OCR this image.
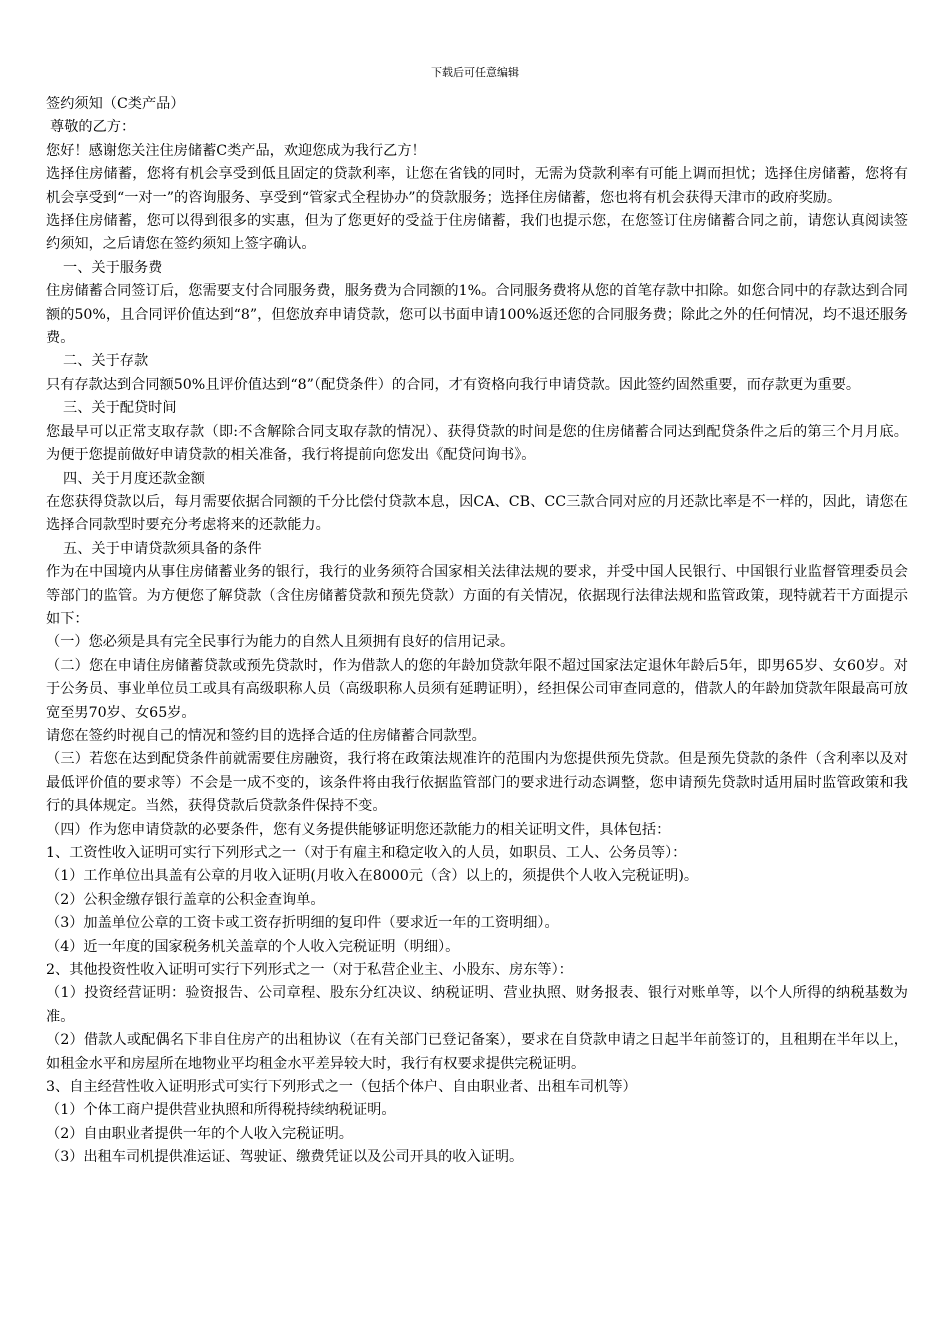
下载后可任意编辑

签约须知（C类产品）

尊敬的乙方：

您好！感谢您关注住房储蓄C类产品，欢迎您成为我行乙方！

选择住房储蓄，您将有机会享受到低且固定的贷款利率，让您在省钱的同时，无需为贷款利率有可能上调而担忧；选择住房储蓄，您将有机会享受到“一对一”的咨询服务、享受到“管家式全程协办”的贷款服务；选择住房储蓄，您也将有机会获得天津市的政府奖励。

选择住房储蓄，您可以得到很多的实惠，但为了您更好的受益于住房储蓄，我们也提示您，在您签订住房储蓄合同之前，请您认真阅读签约须知，之后请您在签约须知上签字确认。

一、关于服务费

住房储蓄合同签订后，您需要支付合同服务费，服务费为合同额的1%。合同服务费将从您的首笔存款中扣除。如您合同中的存款达到合同额的50%，且合同评价值达到“8”，但您放弃申请贷款，您可以书面申请100%返还您的合同服务费；除此之外的任何情况，均不退还服务费。

二、关于存款

只有存款达到合同额50%且评价值达到“8”（配贷条件）的合同，才有资格向我行申请贷款。因此签约固然重要，而存款更为重要。

三、关于配贷时间

您最早可以正常支取存款（即:不含解除合同支取存款的情况）、获得贷款的时间是您的住房储蓄合同达到配贷条件之后的第三个月月底。为便于您提前做好申请贷款的相关准备，我行将提前向您发出《配贷问询书》。

四、关于月度还款金额

在您获得贷款以后，每月需要依据合同额的千分比偿付贷款本息，因CA、CB、CC三款合同对应的月还款比率是不一样的，因此，请您在选择合同款型时要充分考虑将来的还款能力。

五、关于申请贷款须具备的条件

作为在中国境内从事住房储蓄业务的银行，我行的业务须符合国家相关法律法规的要求，并受中国人民银行、中国银行业监督管理委员会等部门的监管。为方便您了解贷款（含住房储蓄贷款和预先贷款）方面的有关情况，依据现行法律法规和监管政策，现特就若干方面提示如下：

（一）您必须是具有完全民事行为能力的自然人且须拥有良好的信用记录。

（二）您在申请住房储蓄贷款或预先贷款时，作为借款人的您的年龄加贷款年限不超过国家法定退休年龄后5年，即男65岁、女60岁。对于公务员、事业单位员工或具有高级职称人员（高级职称人员须有延聘证明），经担保公司审查同意的，借款人的年龄加贷款年限最高可放宽至男70岁、女65岁。

请您在签约时视自己的情况和签约目的选择合适的住房储蓄合同款型。

（三）若您在达到配贷条件前就需要住房融资，我行将在政策法规准许的范围内为您提供预先贷款。但是预先贷款的条件（含利率以及对最低评价值的要求等）不会是一成不变的，该条件将由我行依据监管部门的要求进行动态调整，您申请预先贷款时适用届时监管政策和我行的具体规定。当然，获得贷款后贷款条件保持不变。

（四）作为您申请贷款的必要条件，您有义务提供能够证明您还款能力的相关证明文件，具体包括：

1、工资性收入证明可实行下列形式之一（对于有雇主和稳定收入的人员，如职员、工人、公务员等）：

（1）工作单位出具盖有公章的月收入证明(月收入在8000元（含）以上的，须提供个人收入完税证明)。

（2）公积金缴存银行盖章的公积金查询单。

（3）加盖单位公章的工资卡或工资存折明细的复印件（要求近一年的工资明细）。

（4）近一年度的国家税务机关盖章的个人收入完税证明（明细）。

2、其他投资性收入证明可实行下列形式之一（对于私营企业主、小股东、房东等）：

（1）投资经营证明：验资报告、公司章程、股东分红决议、纳税证明、营业执照、财务报表、银行对账单等，以个人所得的纳税基数为准。

（2）借款人或配偶名下非自住房产的出租协议（在有关部门已登记备案），要求在自贷款申请之日起半年前签订的，且租期在半年以上，如租金水平和房屋所在地物业平均租金水平差异较大时，我行有权要求提供完税证明。

3、自主经营性收入证明形式可实行下列形式之一（包括个体户、自由职业者、出租车司机等）

（1）个体工商户提供营业执照和所得税持续纳税证明。

（2）自由职业者提供一年的个人收入完税证明。

（3）出租车司机提供准运证、驾驶证、缴费凭证以及公司开具的收入证明。
